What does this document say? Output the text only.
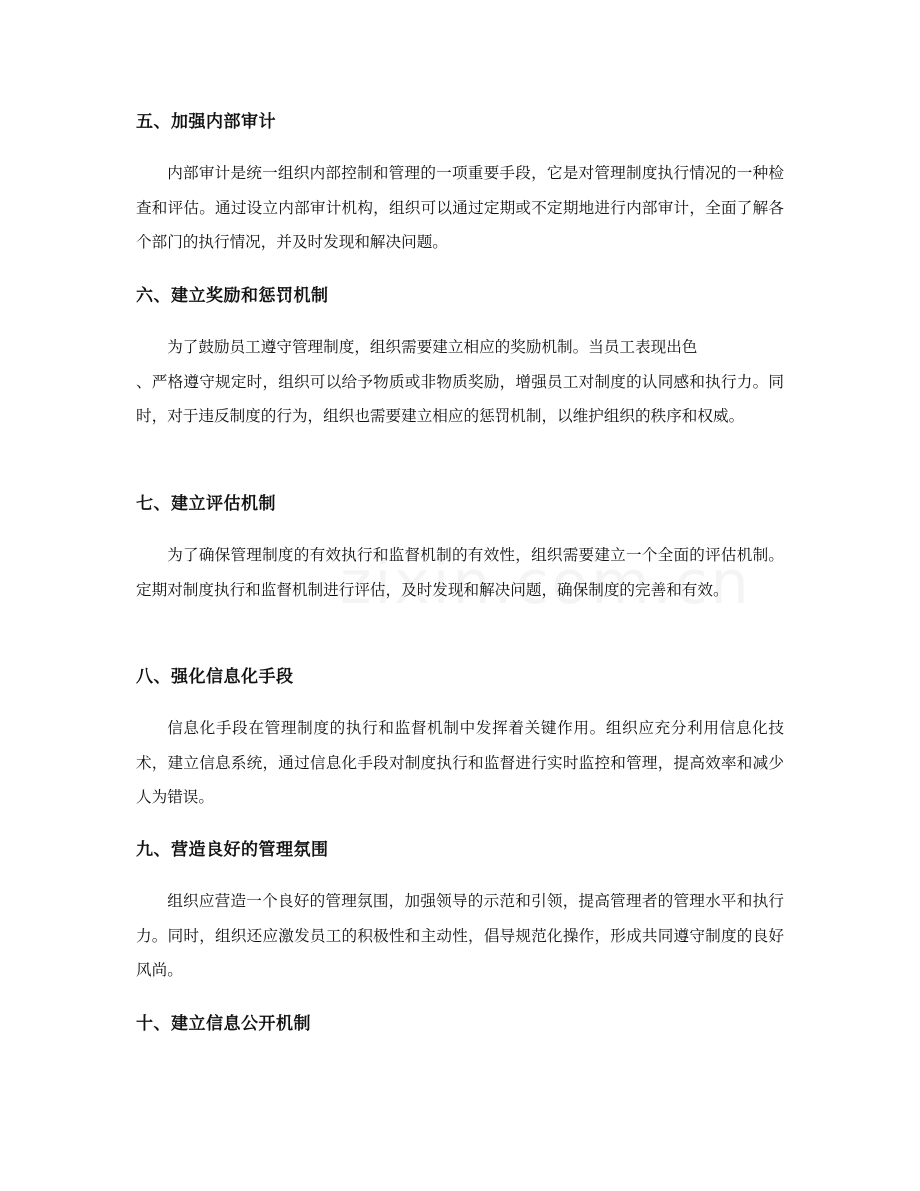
五、加强内部审计

内部审计是统一组织内部控制和管理的一项重要手段，它是对管理制度执行情况的一种检查和评估。通过设立内部审计机构，组织可以通过定期或不定期地进行内部审计，全面了解各个部门的执行情况，并及时发现和解决问题。

六、建立奖励和惩罚机制

为了鼓励员工遵守管理制度，组织需要建立相应的奖励机制。当员工表现出色
、严格遵守规定时，组织可以给予物质或非物质奖励，增强员工对制度的认同感和执行力。同时，对于违反制度的行为，组织也需要建立相应的惩罚机制，以维护组织的秩序和权威。

七、建立评估机制

为了确保管理制度的有效执行和监督机制的有效性，组织需要建立一个全面的评估机制。定期对制度执行和监督机制进行评估，及时发现和解决问题，确保制度的完善和有效。

八、强化信息化手段

信息化手段在管理制度的执行和监督机制中发挥着关键作用。组织应充分利用信息化技术，建立信息系统，通过信息化手段对制度执行和监督进行实时监控和管理，提高效率和减少人为错误。

九、营造良好的管理氛围

组织应营造一个良好的管理氛围，加强领导的示范和引领，提高管理者的管理水平和执行力。同时，组织还应激发员工的积极性和主动性，倡导规范化操作，形成共同遵守制度的良好风尚。

十、建立信息公开机制
